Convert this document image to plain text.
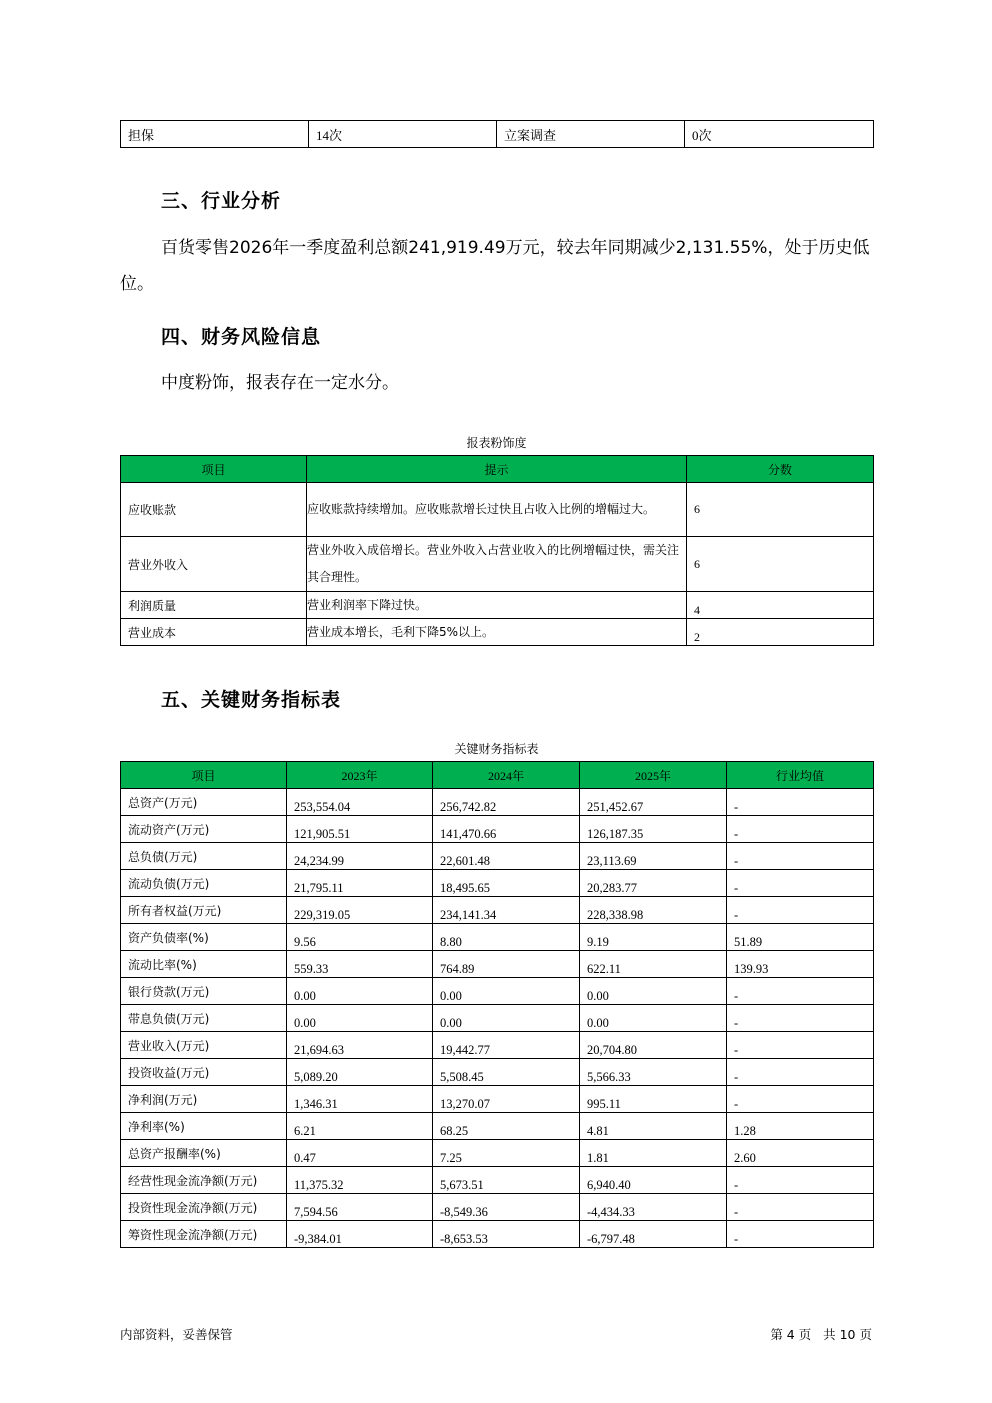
担保	14次	立案调查	0次
三、行业分析
百货零售2026年一季度盈利总额241,919.49万元，较去年同期减少2,131.55%，处于历史低
位。
四、财务风险信息
中度粉饰，报表存在一定水分。
报表粉饰度
项目	提示	分数
应收账款	应收账款持续增加。应收账款增长过快且占收入比例的增幅过大。	6
营业外收入	营业外收入成倍增长。营业外收入占营业收入的比例增幅过快，需关注其合理性。	6
利润质量	营业利润率下降过快。	4
营业成本	营业成本增长，毛利下降5%以上。	2
五、关键财务指标表
关键财务指标表
项目	2023年	2024年	2025年	行业均值
总资产(万元)	253,554.04	256,742.82	251,452.67	-
流动资产(万元)	121,905.51	141,470.66	126,187.35	-
总负债(万元)	24,234.99	22,601.48	23,113.69	-
流动负债(万元)	21,795.11	18,495.65	20,283.77	-
所有者权益(万元)	229,319.05	234,141.34	228,338.98	-
资产负债率(%)	9.56	8.80	9.19	51.89
流动比率(%)	559.33	764.89	622.11	139.93
银行贷款(万元)	0.00	0.00	0.00	-
带息负债(万元)	0.00	0.00	0.00	-
营业收入(万元)	21,694.63	19,442.77	20,704.80	-
投资收益(万元)	5,089.20	5,508.45	5,566.33	-
净利润(万元)	1,346.31	13,270.07	995.11	-
净利率(%)	6.21	68.25	4.81	1.28
总资产报酬率(%)	0.47	7.25	1.81	2.60
经营性现金流净额(万元)	11,375.32	5,673.51	6,940.40	-
投资性现金流净额(万元)	7,594.56	-8,549.36	-4,434.33	-
筹资性现金流净额(万元)	-9,384.01	-8,653.53	-6,797.48	-
内部资料，妥善保管	第 4 页   共 10 页
